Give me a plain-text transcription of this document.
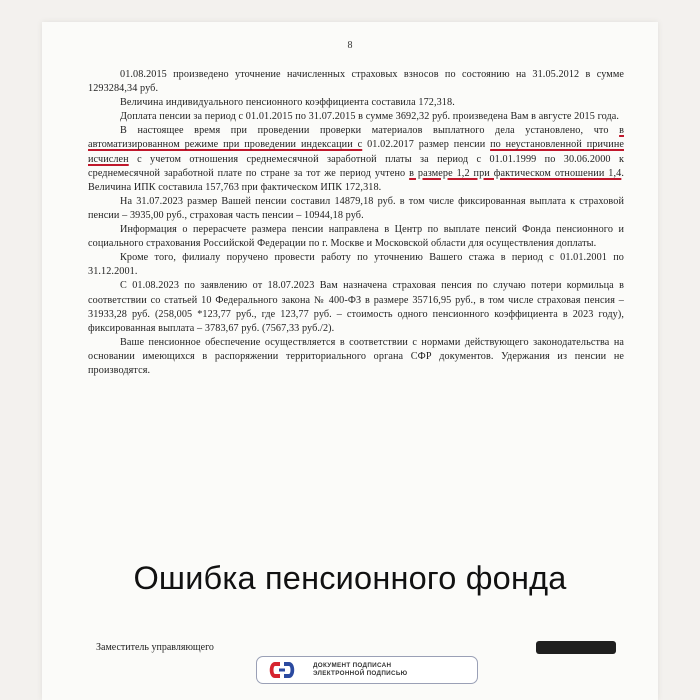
8

01.08.2015 произведено уточнение начисленных страховых взносов по состоянию на 31.05.2012 в сумме 1293284,34 руб.

Величина индивидуального пенсионного коэффициента составила 172,318.

Доплата пенсии за период с 01.01.2015 по 31.07.2015 в сумме 3692,32 руб. произведена Вам в августе 2015 года.

В настоящее время при проведении проверки материалов выплатного дела установлено, что в автоматизированном режиме при проведении индексации с 01.02.2017 размер пенсии по неустановленной причине исчислен с учетом отношения среднемесячной заработной платы за период с 01.01.1999 по 30.06.2000 к среднемесячной заработной плате по стране за тот же период учтено в размере 1,2 при фактическом отношении 1,4. Величина ИПК составила 157,763 при фактическом ИПК 172,318.

На 31.07.2023 размер Вашей пенсии составил 14879,18 руб. в том числе фиксированная выплата к страховой пенсии – 3935,00 руб., страховая часть пенсии – 10944,18 руб.

Информация о перерасчете размера пенсии направлена в Центр по выплате пенсий Фонда пенсионного и социального страхования Российской Федерации по г. Москве и Московской области для осуществления доплаты.

Кроме того, филиалу поручено провести работу по уточнению Вашего стажа в период с 01.01.2001 по 31.12.2001.

С 01.08.2023 по заявлению от 18.07.2023 Вам назначена страховая пенсия по случаю потери кормильца в соответствии со статьей 10 Федерального закона № 400-ФЗ в размере 35716,95 руб., в том числе страховая пенсия – 31933,28 руб. (258,005 *123,77 руб., где 123,77 руб. – стоимость одного пенсионного коэффициента в 2023 году), фиксированная выплата – 3783,67 руб. (7567,33 руб./2).

Ваше пенсионное обеспечение осуществляется в соответствии с нормами действующего законодательства на основании имеющихся в распоряжении территориального органа СФР документов. Удержания из пенсии не производятся.

Ошибка пенсионного фонда
Заместитель управляющего
ДОКУМЕНТ ПОДПИСАН
ЭЛЕКТРОННОЙ ПОДПИСЬЮ
